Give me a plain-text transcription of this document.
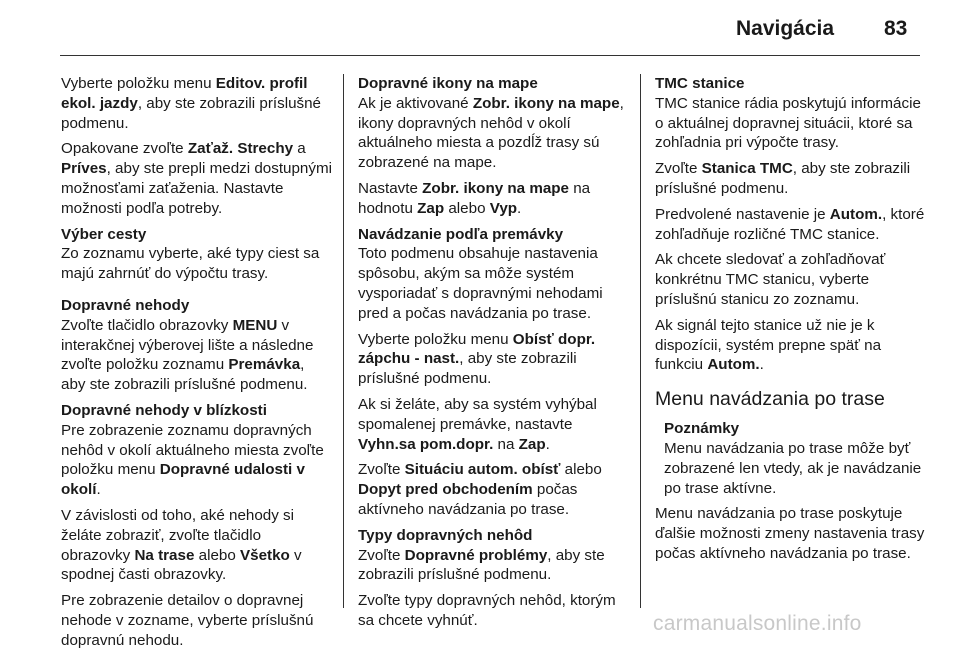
Navigácia 83

Vyberte položku menu Editov. profil ekol. jazdy, aby ste zobrazili príslušné podmenu.

Opakovane zvoľte Zaťaž. Strechy a Príves, aby ste prepli medzi dostupnými možnosťami zaťaženia. Nastavte možnosti podľa potreby.

Výber cesty
Zo zoznamu vyberte, aké typy ciest sa majú zahrnúť do výpočtu trasy.

Dopravné nehody
Zvoľte tlačidlo obrazovky MENU v interakčnej výberovej lište a následne zvoľte položku zoznamu Premávka, aby ste zobrazili príslušné podmenu.

Dopravné nehody v blízkosti
Pre zobrazenie zoznamu dopravných nehôd v okolí aktuálneho miesta zvoľte položku menu Dopravné udalosti v okolí.

V závislosti od toho, aké nehody si želáte zobraziť, zvoľte tlačidlo obrazovky Na trase alebo Všetko v spodnej časti obrazovky.

Pre zobrazenie detailov o dopravnej nehode v zozname, vyberte príslušnú dopravnú nehodu.

Dopravné ikony na mape
Ak je aktivované Zobr. ikony na mape, ikony dopravných nehôd v okolí aktuálneho miesta a pozdĺž trasy sú zobrazené na mape.

Nastavte Zobr. ikony na mape na hodnotu Zap alebo Vyp.

Navádzanie podľa premávky
Toto podmenu obsahuje nastavenia spôsobu, akým sa môže systém vysporiadať s dopravnými nehodami pred a počas navádzania po trase.

Vyberte položku menu Obísť dopr. zápchu - nast., aby ste zobrazili príslušné podmenu.

Ak si želáte, aby sa systém vyhýbal spomalenej premávke, nastavte Vyhn.sa pom.dopr. na Zap.

Zvoľte Situáciu autom. obísť alebo Dopyt pred obchodením počas aktívneho navádzania po trase.

Typy dopravných nehôd
Zvoľte Dopravné problémy, aby ste zobrazili príslušné podmenu.

Zvoľte typy dopravných nehôd, ktorým sa chcete vyhnúť.

TMC stanice
TMC stanice rádia poskytujú informácie o aktuálnej dopravnej situácii, ktoré sa zohľadnia pri výpočte trasy.

Zvoľte Stanica TMC, aby ste zobrazili príslušné podmenu.

Predvolené nastavenie je Autom., ktoré zohľadňuje rozličné TMC stanice.

Ak chcete sledovať a zohľadňovať konkrétnu TMC stanicu, vyberte príslušnú stanicu zo zoznamu.

Ak signál tejto stanice už nie je k dispozícii, systém prepne späť na funkciu Autom..

Menu navádzania po trase

Poznámky
Menu navádzania po trase môže byť zobrazené len vtedy, ak je navádzanie po trase aktívne.

Menu navádzania po trase poskytuje ďalšie možnosti zmeny nastavenia trasy počas aktívneho navádzania po trase.

carmanualsonline.info
